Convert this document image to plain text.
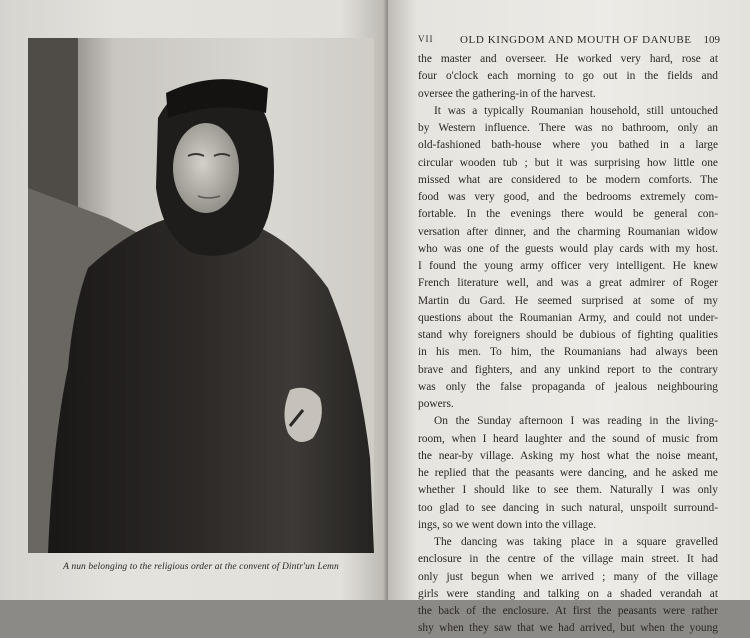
A nun belonging to the religious order at the convent of Dintr'un Lemn
VII OLD KINGDOM AND MOUTH OF DANUBE 109
the master and overseer. He worked very hard, rose at
four o'clock each morning to go out in the fields and
oversee the gathering-in of the harvest.
It was a typically Roumanian household, still untouched
by Western influence. There was no bathroom, only an
old-fashioned bath-house where you bathed in a large
circular wooden tub ; but it was surprising how little one
missed what are considered to be modern comforts. The
food was very good, and the bedrooms extremely com-
fortable. In the evenings there would be general con-
versation after dinner, and the charming Roumanian widow
who was one of the guests would play cards with my host.
I found the young army officer very intelligent. He knew
French literature well, and was a great admirer of Roger
Martin du Gard. He seemed surprised at some of my
questions about the Roumanian Army, and could not under-
stand why foreigners should be dubious of fighting qualities
in his men. To him, the Roumanians had always been
brave and fighters, and any unkind report to the contrary
was only the false propaganda of jealous neighbouring
powers.
On the Sunday afternoon I was reading in the living-
room, when I heard laughter and the sound of music from
the near-by village. Asking my host what the noise meant,
he replied that the peasants were dancing, and he asked me
whether I should like to see them. Naturally I was only
too glad to see dancing in such natural, unspoilt surround-
ings, so we went down into the village.
The dancing was taking place in a square gravelled
enclosure in the centre of the village main street. It had
only just begun when we arrived ; many of the village
girls were standing and talking on a shaded verandah at
the back of the enclosure. At first the peasants were rather
shy when they saw that we had arrived, but when the young
